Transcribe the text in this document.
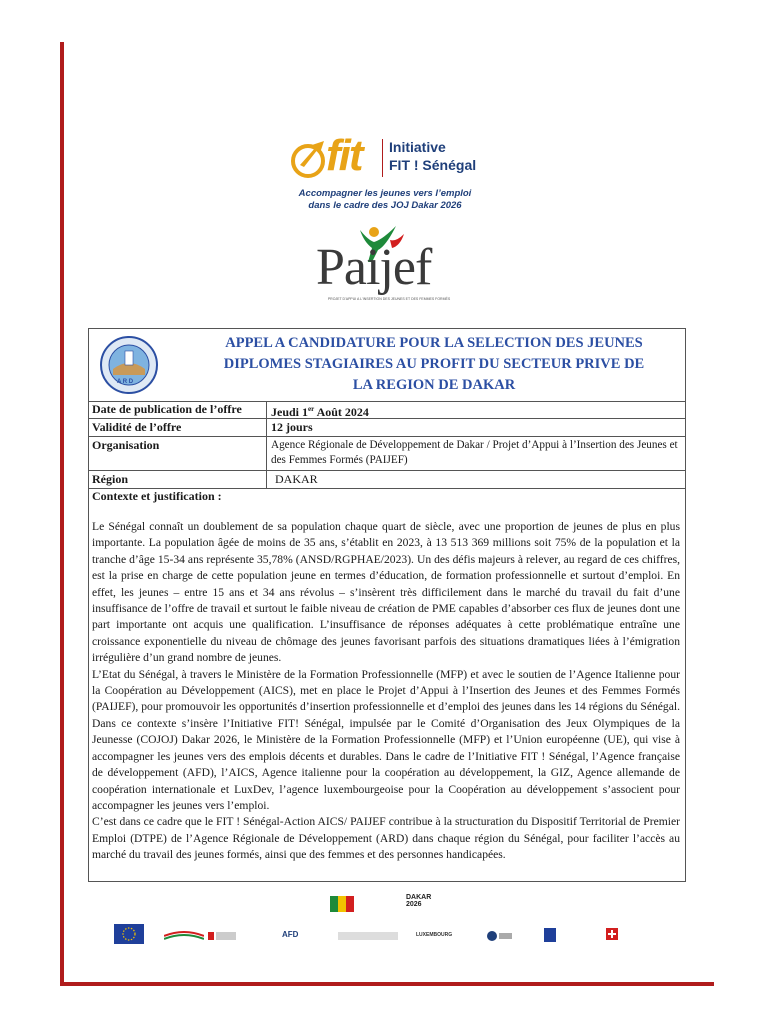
fit Initiative
FIT ! Sénégal
Accompagner les jeunes vers l’emploi
dans le cadre des JOJ Dakar 2026
Paijef
PROJET D'APPUI A L'INSERTION DES JEUNES ET DES FEMMES FORMÉS
A R D
APPEL A CANDIDATURE POUR LA SELECTION DES JEUNES
DIPLOMES STAGIAIRES AU PROFIT DU SECTEUR PRIVE DE
LA REGION DE DAKAR
Date de publication de l’offre Jeudi 1er Août 2024
Validité de l’offre	12 jours
Organisation	Agence Régionale de Développement de Dakar / Projet d’Appui à l’Insertion des Jeunes et des Femmes Formés (PAIJEF)
Région	DAKAR
Contexte et justification :

Le Sénégal connaît un doublement de sa population chaque quart de siècle, avec une proportion de jeunes de plus en plus importante. La population âgée de moins de 35 ans, s’établit en 2023, à 13 513 369 millions soit 75% de la population et la tranche d’âge 15-34 ans représente 35,78% (ANSD/RGPHAE/2023). Un des défis majeurs à relever, au regard de ces chiffres, est la prise en charge de cette population jeune en termes d’éducation, de formation professionnelle et surtout d’emploi. En effet, les jeunes – entre 15 ans et 34 ans révolus – s’insèrent très difficilement dans le marché du travail du fait d’une insuffisance de l’offre de travail et surtout le faible niveau de création de PME capables d’absorber ces flux de jeunes dont une part importante ont acquis une qualification. L’insuffisance de réponses adéquates à cette problématique entraîne une croissance exponentielle du niveau de chômage des jeunes favorisant parfois des situations dramatiques liées à l’émigration irrégulière d’un grand nombre de jeunes.

L’Etat du Sénégal, à travers le Ministère de la Formation Professionnelle (MFP) et avec le soutien de l’Agence Italienne pour la Coopération au Développement (AICS), met en place le Projet d’Appui à l’Insertion des Jeunes et des Femmes Formés (PAIJEF), pour promouvoir les opportunités d’insertion professionnelle et d’emploi des jeunes dans les 14 régions du Sénégal. Dans ce contexte s’insère l’Initiative FIT! Sénégal, impulsée par le Comité d’Organisation des Jeux Olympiques de la Jeunesse (COJOJ) Dakar 2026, le Ministère de la Formation Professionnelle (MFP) et l’Union européenne (UE), qui vise à accompagner les jeunes vers des emplois décents et durables. Dans le cadre de l’Initiative FIT ! Sénégal, l’Agence française de développement (AFD), l’AICS, Agence italienne pour la coopération au développement, la GIZ, Agence allemande de coopération internationale et LuxDev, l’agence luxembourgeoise pour la Coopération au développement s’associent pour accompagner les jeunes vers l’emploi.

C’est dans ce cadre que le FIT ! Sénégal-Action AICS/ PAIJEF contribue à la structuration du Dispositif Territorial de Premier Emploi (DTPE) de l’Agence Régionale de Développement (ARD) dans chaque région du Sénégal, pour faciliter l’accès au marché du travail des jeunes formés, ainsi que des femmes et des personnes handicapées.

DAKAR
2026
AFD	LUXEMBOURG
